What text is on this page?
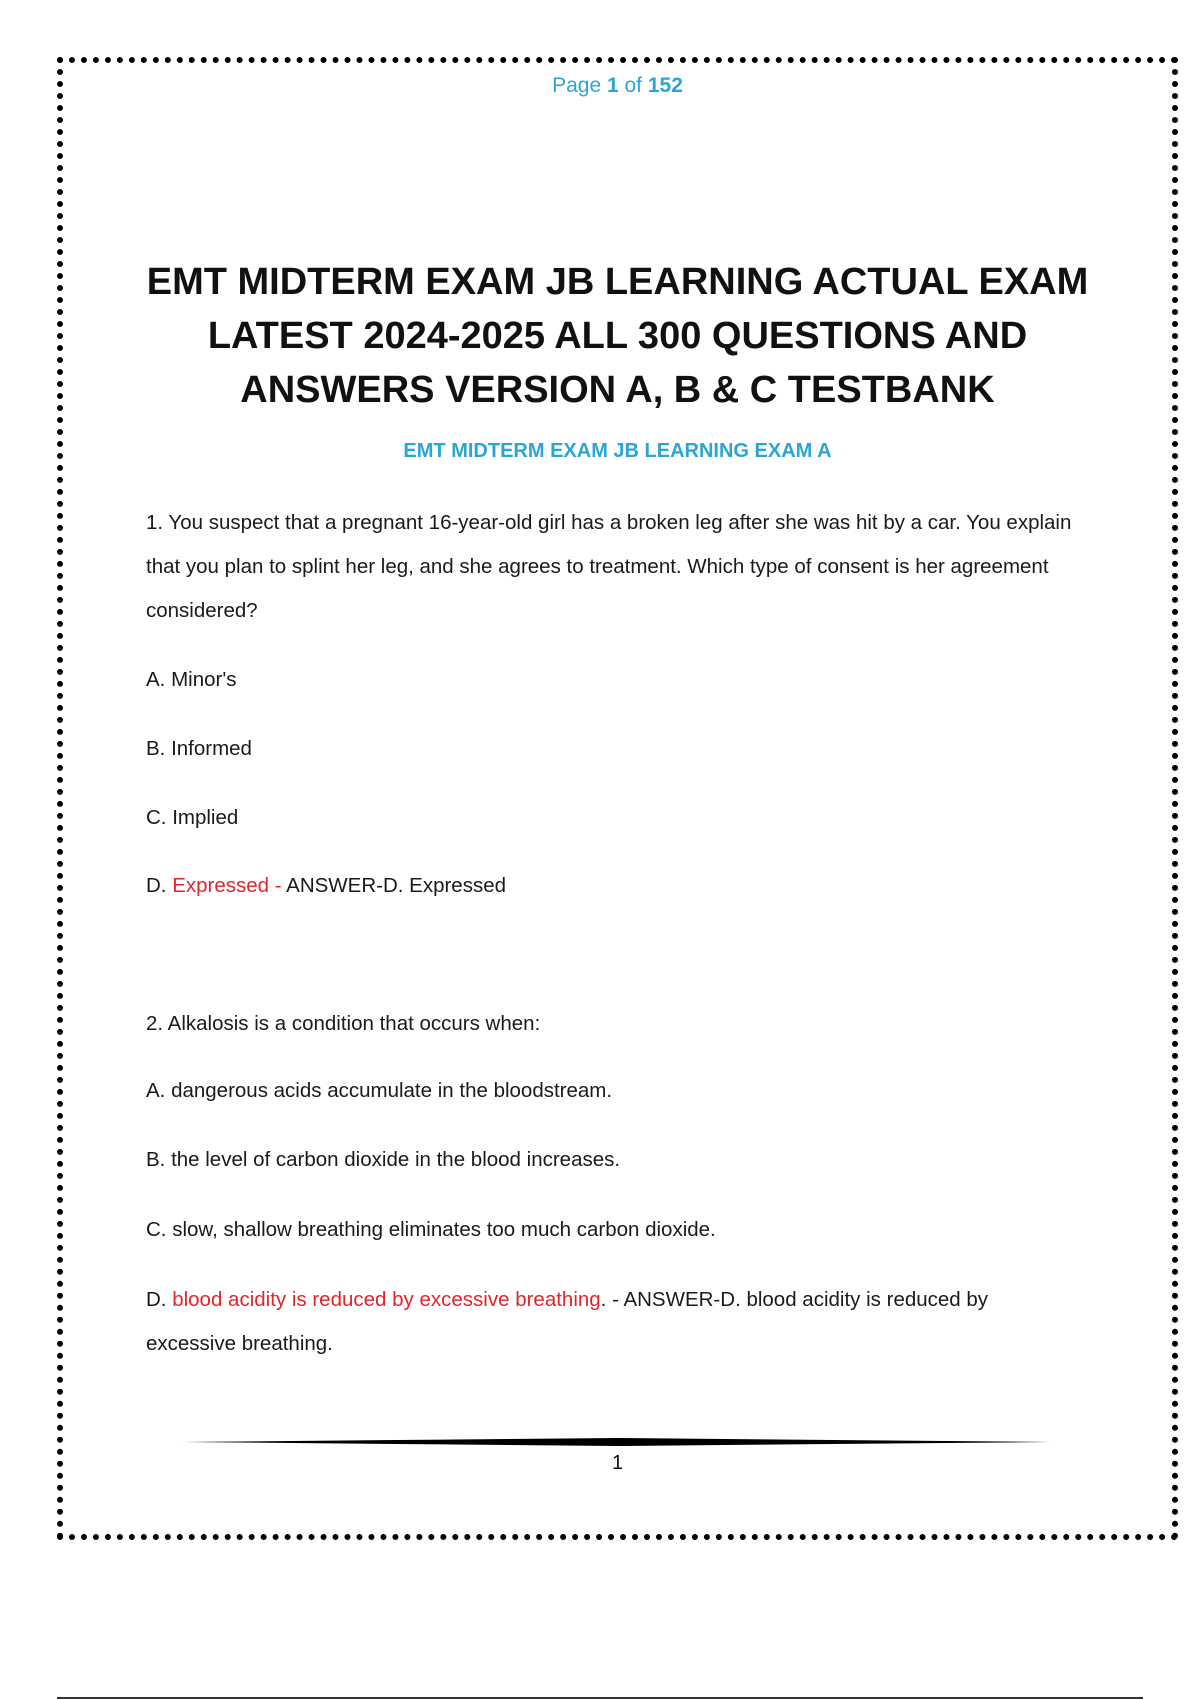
Page 1 of 152
EMT MIDTERM EXAM JB LEARNING ACTUAL EXAM
LATEST 2024-2025 ALL 300 QUESTIONS AND
ANSWERS VERSION A, B & C TESTBANK
EMT MIDTERM EXAM JB LEARNING EXAM A

1. You suspect that a pregnant 16-year-old girl has a broken leg after she was hit by a car. You explain that you plan to splint her leg, and she agrees to treatment. Which type of consent is her agreement considered?

A. Minor's

B. Informed

C. Implied

D. Expressed - ANSWER-D. Expressed

2. Alkalosis is a condition that occurs when:

A. dangerous acids accumulate in the bloodstream.

B. the level of carbon dioxide in the blood increases.

C. slow, shallow breathing eliminates too much carbon dioxide.

D. blood acidity is reduced by excessive breathing. - ANSWER-D. blood acidity is reduced by excessive breathing.

1
